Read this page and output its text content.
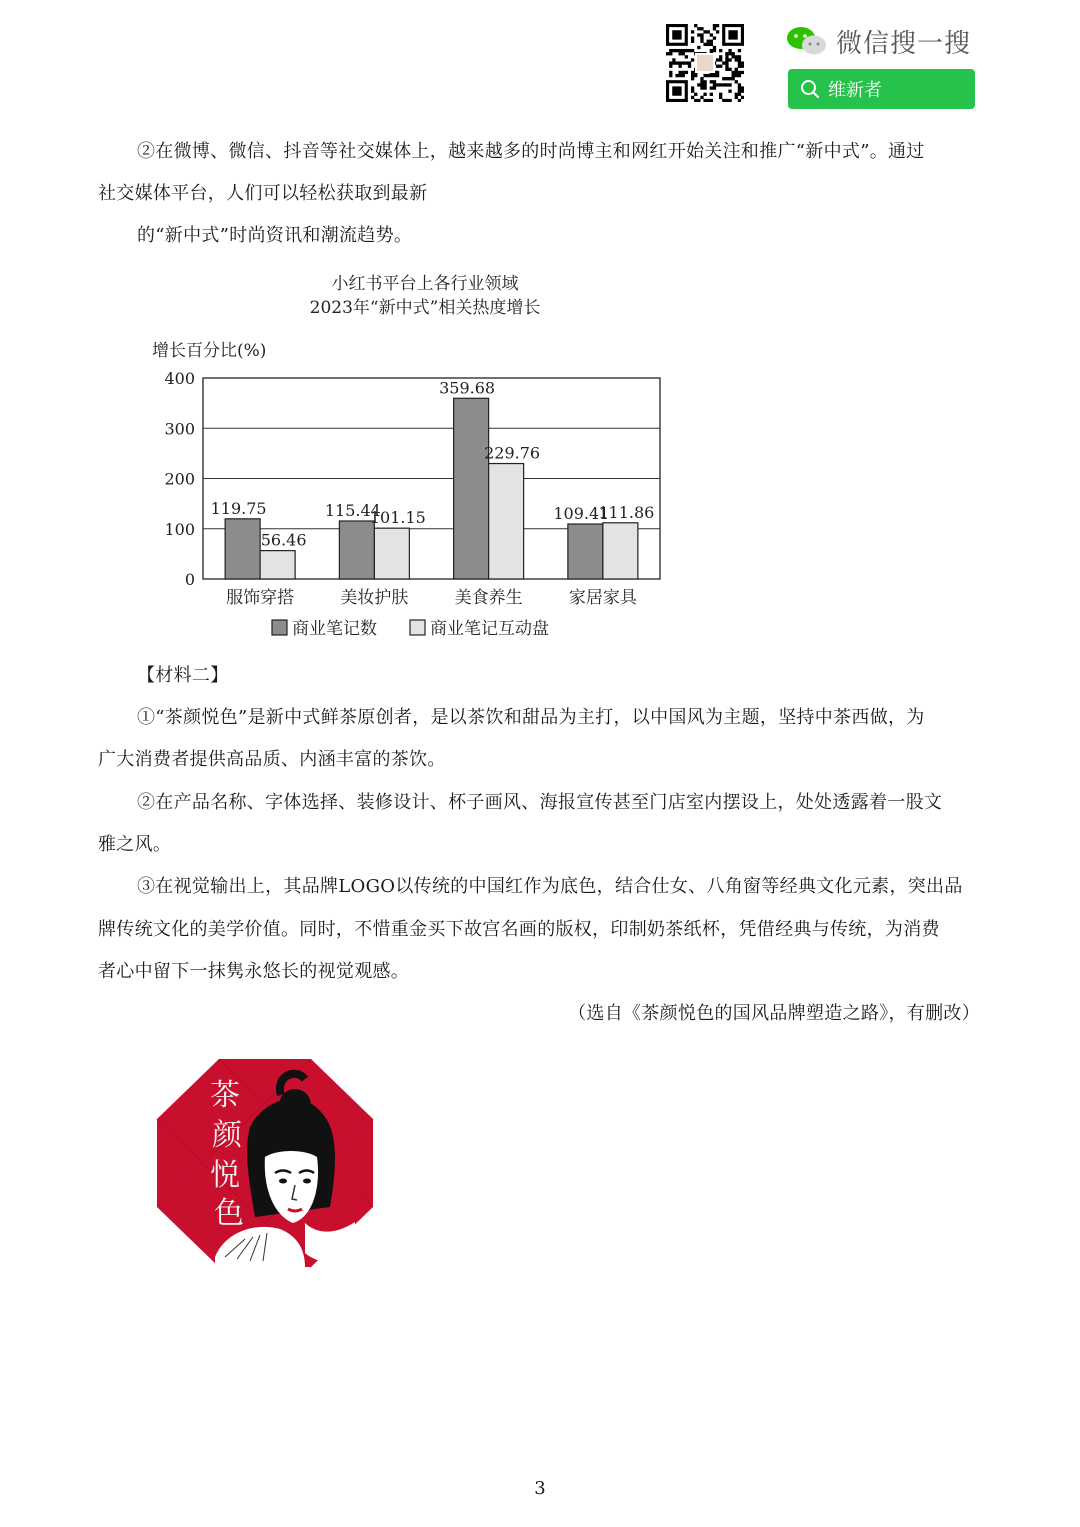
微信搜一搜
维新者
②在微博、微信、抖音等社交媒体上，越来越多的时尚博主和网红开始关注和推广“新中式”。通过
社交媒体平台，人们可以轻松获取到最新
的“新中式”时尚资讯和潮流趋势。
小红书平台上各行业领域
2023年“新中式”相关热度增长
增长百分比(%)
0
100
200
300
400
119.75
56.46
服饰穿搭
115.44
101.15
美妆护肤
359.68
229.76
美食养生
109.41
111.86
家居家具
商业笔记数	商业笔记互动盘
【材料二】
①“茶颜悦色”是新中式鲜茶原创者，是以茶饮和甜品为主打，以中国风为主题，坚持中茶西做，为
广大消费者提供高品质、内涵丰富的茶饮。
②在产品名称、字体选择、装修设计、杯子画风、海报宣传甚至门店室内摆设上，处处透露着一股文
雅之风。
③在视觉输出上，其品牌LOGO以传统的中国红作为底色，结合仕女、八角窗等经典文化元素，突出品
牌传统文化的美学价值。同时，不惜重金买下故宫名画的版权，印制奶茶纸杯，凭借经典与传统，为消费
者心中留下一抹隽永悠长的视觉观感。
（选自《茶颜悦色的国风品牌塑造之路》，有删改）
茶
颜
悦
色
3
